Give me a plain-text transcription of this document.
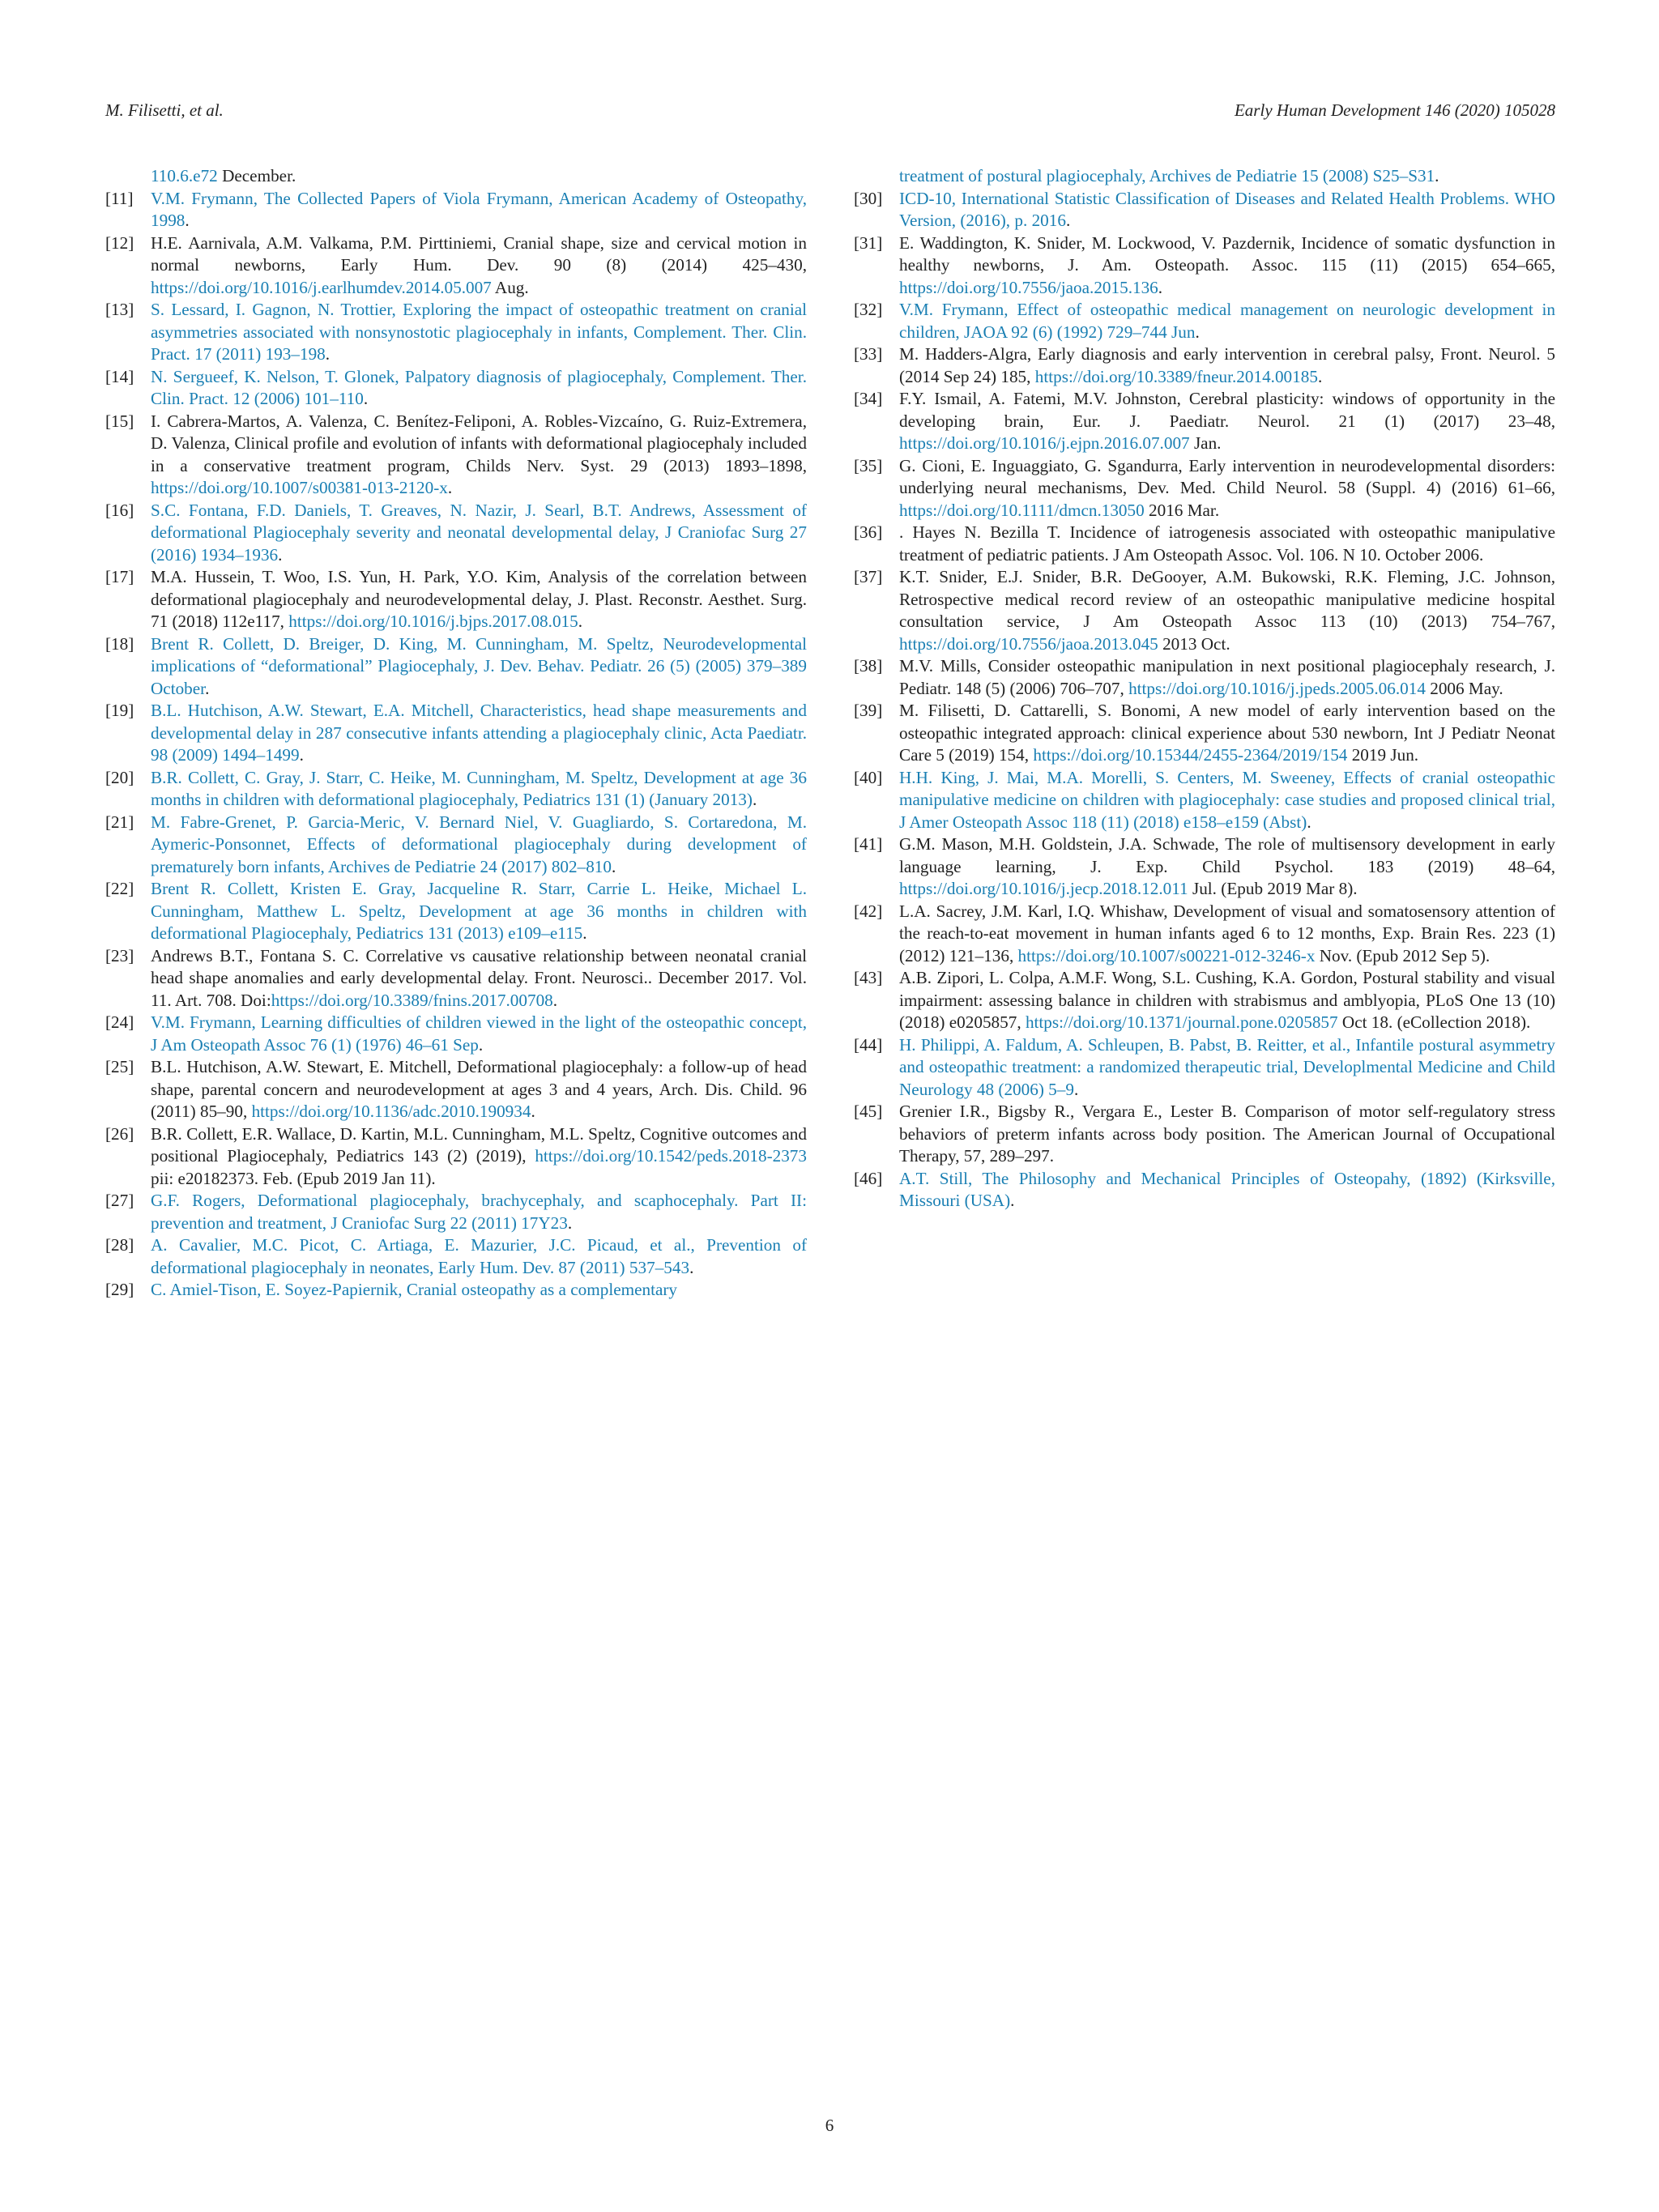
M. Filisetti, et al.	Early Human Development 146 (2020) 105028

110.6.e72 December.

[11] V.M. Frymann, The Collected Papers of Viola Frymann, American Academy of Osteopathy, 1998.

[12] H.E. Aarnivala, A.M. Valkama, P.M. Pirttiniemi, Cranial shape, size and cervical motion in normal newborns, Early Hum. Dev. 90 (8) (2014) 425–430, https://doi.org/10.1016/j.earlhumdev.2014.05.007 Aug.

[13] S. Lessard, I. Gagnon, N. Trottier, Exploring the impact of osteopathic treatment on cranial asymmetries associated with nonsynostotic plagiocephaly in infants, Complement. Ther. Clin. Pract. 17 (2011) 193–198.

[14] N. Sergueef, K. Nelson, T. Glonek, Palpatory diagnosis of plagiocephaly, Complement. Ther. Clin. Pract. 12 (2006) 101–110.

[15] I. Cabrera-Martos, A. Valenza, C. Benítez-Feliponi, A. Robles-Vizcaíno, G. Ruiz-Extremera, D. Valenza, Clinical profile and evolution of infants with deformational plagiocephaly included in a conservative treatment program, Childs Nerv. Syst. 29 (2013) 1893–1898, https://doi.org/10.1007/s00381-013-2120-x.

[16] S.C. Fontana, F.D. Daniels, T. Greaves, N. Nazir, J. Searl, B.T. Andrews, Assessment of deformational Plagiocephaly severity and neonatal developmental delay, J Craniofac Surg 27 (2016) 1934–1936.

[17] M.A. Hussein, T. Woo, I.S. Yun, H. Park, Y.O. Kim, Analysis of the correlation between deformational plagiocephaly and neurodevelopmental delay, J. Plast. Reconstr. Aesthet. Surg. 71 (2018) 112e117, https://doi.org/10.1016/j.bjps.2017.08.015.

[18] Brent R. Collett, D. Breiger, D. King, M. Cunningham, M. Speltz, Neurodevelopmental implications of “deformational” Plagiocephaly, J. Dev. Behav. Pediatr. 26 (5) (2005) 379–389 October.

[19] B.L. Hutchison, A.W. Stewart, E.A. Mitchell, Characteristics, head shape measurements and developmental delay in 287 consecutive infants attending a plagiocephaly clinic, Acta Paediatr. 98 (2009) 1494–1499.

[20] B.R. Collett, C. Gray, J. Starr, C. Heike, M. Cunningham, M. Speltz, Development at age 36 months in children with deformational plagiocephaly, Pediatrics 131 (1) (January 2013).

[21] M. Fabre-Grenet, P. Garcia-Meric, V. Bernard Niel, V. Guagliardo, S. Cortaredona, M. Aymeric-Ponsonnet, Effects of deformational plagiocephaly during development of prematurely born infants, Archives de Pediatrie 24 (2017) 802–810.

[22] Brent R. Collett, Kristen E. Gray, Jacqueline R. Starr, Carrie L. Heike, Michael L. Cunningham, Matthew L. Speltz, Development at age 36 months in children with deformational Plagiocephaly, Pediatrics 131 (2013) e109–e115.

[23] Andrews B.T., Fontana S. C. Correlative vs causative relationship between neonatal cranial head shape anomalies and early developmental delay. Front. Neurosci.. December 2017. Vol. 11. Art. 708. Doi:https://doi.org/10.3389/fnins.2017.00708.

[24] V.M. Frymann, Learning difficulties of children viewed in the light of the osteopathic concept, J Am Osteopath Assoc 76 (1) (1976) 46–61 Sep.

[25] B.L. Hutchison, A.W. Stewart, E. Mitchell, Deformational plagiocephaly: a follow-up of head shape, parental concern and neurodevelopment at ages 3 and 4 years, Arch. Dis. Child. 96 (2011) 85–90, https://doi.org/10.1136/adc.2010.190934.

[26] B.R. Collett, E.R. Wallace, D. Kartin, M.L. Cunningham, M.L. Speltz, Cognitive outcomes and positional Plagiocephaly, Pediatrics 143 (2) (2019), https://doi.org/10.1542/peds.2018-2373 pii: e20182373. Feb. (Epub 2019 Jan 11).

[27] G.F. Rogers, Deformational plagiocephaly, brachycephaly, and scaphocephaly. Part II: prevention and treatment, J Craniofac Surg 22 (2011) 17Y23.

[28] A. Cavalier, M.C. Picot, C. Artiaga, E. Mazurier, J.C. Picaud, et al., Prevention of deformational plagiocephaly in neonates, Early Hum. Dev. 87 (2011) 537–543.

[29] C. Amiel-Tison, E. Soyez-Papiernik, Cranial osteopathy as a complementary

treatment of postural plagiocephaly, Archives de Pediatrie 15 (2008) S25–S31.

[30] ICD-10, International Statistic Classification of Diseases and Related Health Problems. WHO Version, (2016), p. 2016.

[31] E. Waddington, K. Snider, M. Lockwood, V. Pazdernik, Incidence of somatic dysfunction in healthy newborns, J. Am. Osteopath. Assoc. 115 (11) (2015) 654–665, https://doi.org/10.7556/jaoa.2015.136.

[32] V.M. Frymann, Effect of osteopathic medical management on neurologic development in children, JAOA 92 (6) (1992) 729–744 Jun.

[33] M. Hadders-Algra, Early diagnosis and early intervention in cerebral palsy, Front. Neurol. 5 (2014 Sep 24) 185, https://doi.org/10.3389/fneur.2014.00185.

[34] F.Y. Ismail, A. Fatemi, M.V. Johnston, Cerebral plasticity: windows of opportunity in the developing brain, Eur. J. Paediatr. Neurol. 21 (1) (2017) 23–48, https://doi.org/10.1016/j.ejpn.2016.07.007 Jan.

[35] G. Cioni, E. Inguaggiato, G. Sgandurra, Early intervention in neurodevelopmental disorders: underlying neural mechanisms, Dev. Med. Child Neurol. 58 (Suppl. 4) (2016) 61–66, https://doi.org/10.1111/dmcn.13050 2016 Mar.

[36] . Hayes N. Bezilla T. Incidence of iatrogenesis associated with osteopathic manipulative treatment of pediatric patients. J Am Osteopath Assoc. Vol. 106. N 10. October 2006.

[37] K.T. Snider, E.J. Snider, B.R. DeGooyer, A.M. Bukowski, R.K. Fleming, J.C. Johnson, Retrospective medical record review of an osteopathic manipulative medicine hospital consultation service, J Am Osteopath Assoc 113 (10) (2013) 754–767, https://doi.org/10.7556/jaoa.2013.045 2013 Oct.

[38] M.V. Mills, Consider osteopathic manipulation in next positional plagiocephaly research, J. Pediatr. 148 (5) (2006) 706–707, https://doi.org/10.1016/j.jpeds.2005.06.014 2006 May.

[39] M. Filisetti, D. Cattarelli, S. Bonomi, A new model of early intervention based on the osteopathic integrated approach: clinical experience about 530 newborn, Int J Pediatr Neonat Care 5 (2019) 154, https://doi.org/10.15344/2455-2364/2019/154 2019 Jun.

[40] H.H. King, J. Mai, M.A. Morelli, S. Centers, M. Sweeney, Effects of cranial osteopathic manipulative medicine on children with plagiocephaly: case studies and proposed clinical trial, J Amer Osteopath Assoc 118 (11) (2018) e158–e159 (Abst).

[41] G.M. Mason, M.H. Goldstein, J.A. Schwade, The role of multisensory development in early language learning, J. Exp. Child Psychol. 183 (2019) 48–64, https://doi.org/10.1016/j.jecp.2018.12.011 Jul. (Epub 2019 Mar 8).

[42] L.A. Sacrey, J.M. Karl, I.Q. Whishaw, Development of visual and somatosensory attention of the reach-to-eat movement in human infants aged 6 to 12 months, Exp. Brain Res. 223 (1) (2012) 121–136, https://doi.org/10.1007/s00221-012-3246-x Nov. (Epub 2012 Sep 5).

[43] A.B. Zipori, L. Colpa, A.M.F. Wong, S.L. Cushing, K.A. Gordon, Postural stability and visual impairment: assessing balance in children with strabismus and amblyopia, PLoS One 13 (10) (2018) e0205857, https://doi.org/10.1371/journal.pone.0205857 Oct 18. (eCollection 2018).

[44] H. Philippi, A. Faldum, A. Schleupen, B. Pabst, B. Reitter, et al., Infantile postural asymmetry and osteopathic treatment: a randomized therapeutic trial, Developlmental Medicine and Child Neurology 48 (2006) 5–9.

[45] Grenier I.R., Bigsby R., Vergara E., Lester B. Comparison of motor self-regulatory stress behaviors of preterm infants across body position. The American Journal of Occupational Therapy, 57, 289–297.

[46] A.T. Still, The Philosophy and Mechanical Principles of Osteopahy, (1892) (Kirksville, Missouri (USA).

6
